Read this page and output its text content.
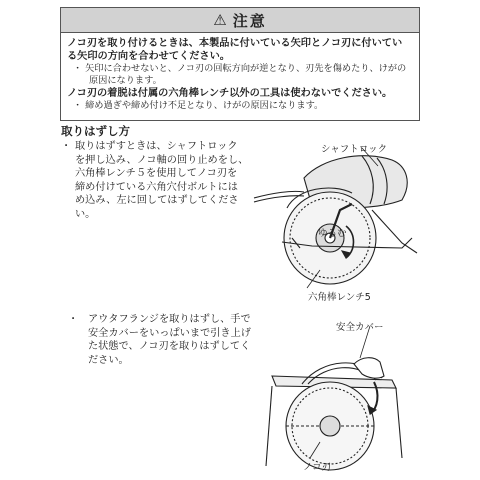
⚠ 注意

ノコ刃を取り付けるときは、本製品に付いている矢印とノコ刃に付いてい

る矢印の方向を合わせてください。

・ 矢印に合わせないと、ノコ刃の回転方向が逆となり、刃先を傷めたり、けがの

原因になります。

ノコ刃の着脱は付属の六角棒レンチ以外の工具は使わないでください。

・ 締め過ぎや締め付け不足となり、けがの原因になります。

取りはずし方
・ 取りはずすときは、シャフトロック
を押し込み、ノコ軸の回り止めをし、
六角棒レンチ５を使用してノコ刃を
締め付けている六角穴付ボルトには
め込み、左に回してはずしてくださ
い。
・ アウタフランジを取りはずし、手で
安全カバーをいっぱいまで引き上げ
た状態で、ノコ刃を取りはずしてく
ださい。
シャフトロック
ゆるむ
六角棒レンチ5
安全カバー
ノコ刃
